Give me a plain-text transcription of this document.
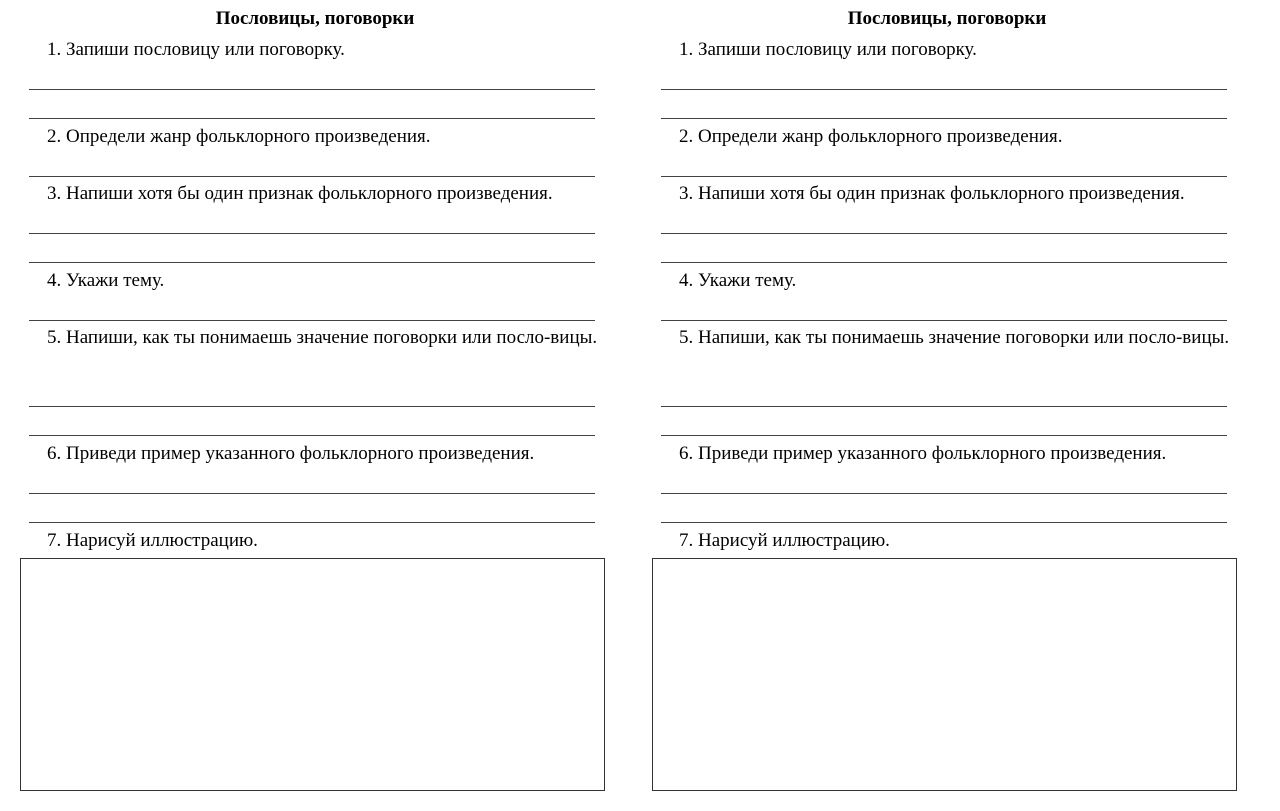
Пословицы, поговорки
1. Запиши пословицу или поговорку.
2. Определи жанр фольклорного произведения.
3. Напиши хотя бы один признак фольклорного произведения.
4. Укажи тему.
5. Напиши, как ты понимаешь значение поговорки или посло-вицы.
6. Приведи пример указанного фольклорного произведения.
7. Нарисуй иллюстрацию.
Пословицы, поговорки
1. Запиши пословицу или поговорку.
2. Определи жанр фольклорного произведения.
3. Напиши хотя бы один признак фольклорного произведения.
4. Укажи тему.
5. Напиши, как ты понимаешь значение поговорки или посло-вицы.
6. Приведи пример указанного фольклорного произведения.
7. Нарисуй иллюстрацию.
